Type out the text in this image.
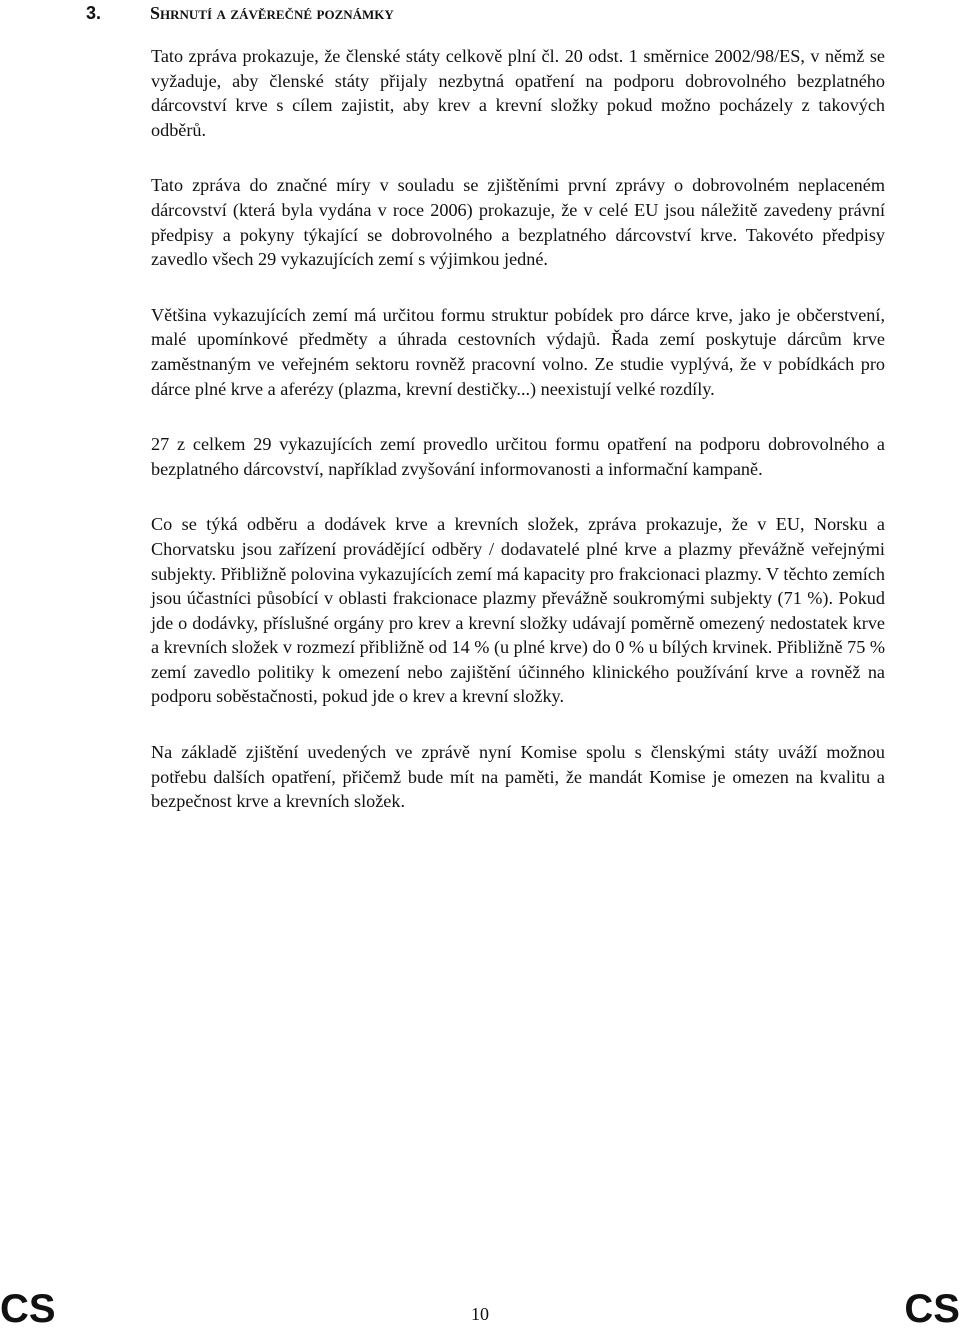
3.	Shrnutí a závěrečné poznámky

Tato zpráva prokazuje, že členské státy celkově plní čl. 20 odst. 1 směrnice 2002/98/ES, v němž se vyžaduje, aby členské státy přijaly nezbytná opatření na podporu dobrovolného bezplatného dárcovství krve s cílem zajistit, aby krev a krevní složky pokud možno pocházely z takových odběrů.

Tato zpráva do značné míry v souladu se zjištěními první zprávy o dobrovolném neplaceném dárcovství (která byla vydána v roce 2006) prokazuje, že v celé EU jsou náležitě zavedeny právní předpisy a pokyny týkající se dobrovolného a bezplatného dárcovství krve. Takovéto předpisy zavedlo všech 29 vykazujících zemí s výjimkou jedné.

Většina vykazujících zemí má určitou formu struktur pobídek pro dárce krve, jako je občerstvení, malé upomínkové předměty a úhrada cestovních výdajů. Řada zemí poskytuje dárcům krve zaměstnaným ve veřejném sektoru rovněž pracovní volno. Ze studie vyplývá, že v pobídkách pro dárce plné krve a aferézy (plazma, krevní destičky...) neexistují velké rozdíly.

27 z celkem 29 vykazujících zemí provedlo určitou formu opatření na podporu dobrovolného a bezplatného dárcovství, například zvyšování informovanosti a informační kampaně.

Co se týká odběru a dodávek krve a krevních složek, zpráva prokazuje, že v EU, Norsku a Chorvatsku jsou zařízení provádějící odběry / dodavatelé plné krve a plazmy převážně veřejnými subjekty. Přibližně polovina vykazujících zemí má kapacity pro frakcionaci plazmy. V těchto zemích jsou účastníci působící v oblasti frakcionace plazmy převážně soukromými subjekty (71 %). Pokud jde o dodávky, příslušné orgány pro krev a krevní složky udávají poměrně omezený nedostatek krve a krevních složek v rozmezí přibližně od 14 % (u plné krve) do 0 % u bílých krvinek. Přibližně 75 % zemí zavedlo politiky k omezení nebo zajištění účinného klinického používání krve a rovněž na podporu soběstačnosti, pokud jde o krev a krevní složky.

Na základě zjištění uvedených ve zprávě nyní Komise spolu s členskými státy uváží možnou potřebu dalších opatření, přičemž bude mít na paměti, že mandát Komise je omezen na kvalitu a bezpečnost krve a krevních složek.

CS	10	CS
